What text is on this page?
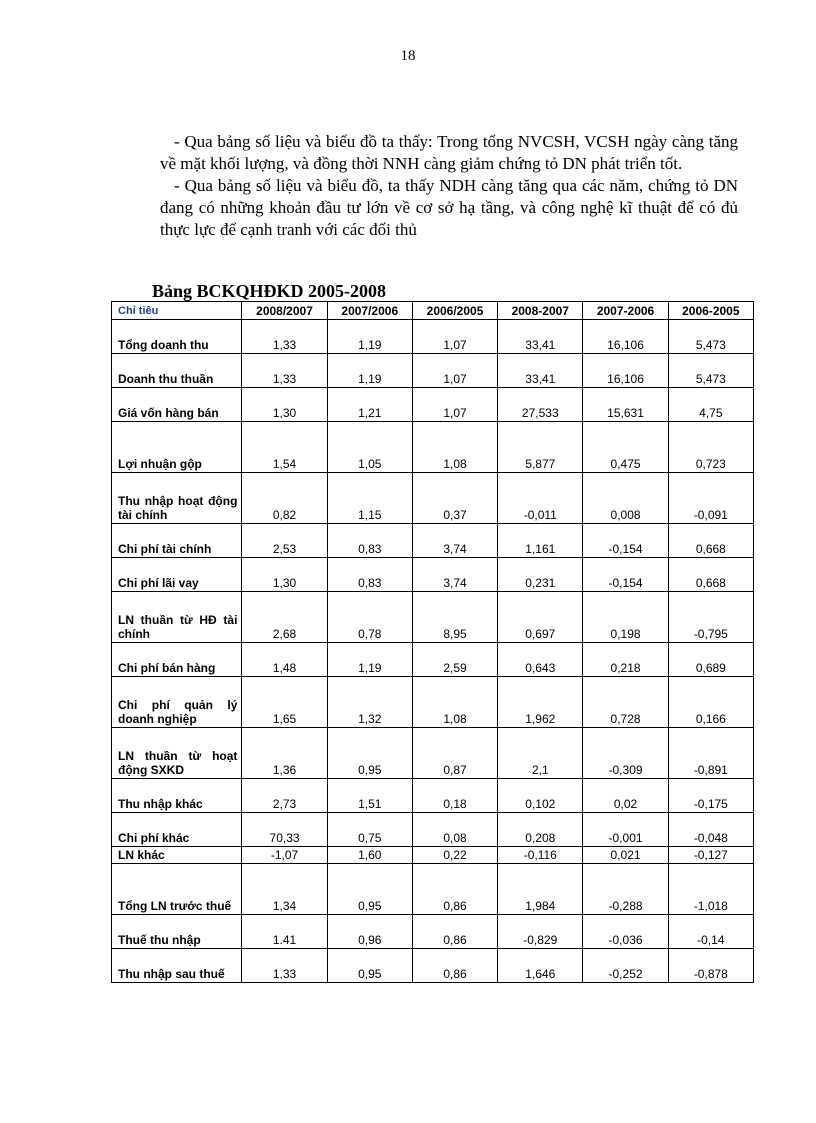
18

- Qua bảng số liệu và biểu đồ ta thấy: Trong tổng NVCSH, VCSH ngày càng tăng về mặt khối lượng, và đồng thời NNH càng giảm chứng tỏ DN phát triển tốt.

- Qua bảng số liệu và biểu đồ, ta thấy NDH càng tăng qua các năm, chứng tỏ DN đang có những khoản đầu tư lớn về cơ sở hạ tầng, và công nghệ kĩ thuật để có đủ thực lực để cạnh tranh với các đối thủ

Bảng BCKQHĐKD 2005-2008
Chỉ tiêu	2008/2007	2007/2006	2006/2005	2008-2007	2007-2006	2006-2005
Tổng doanh thu	1,33	1,19	1,07	33,41	16,106	5,473
Doanh thu thuần	1,33	1,19	1,07	33,41	16,106	5,473
Giá vốn hàng bán	1,30	1,21	1,07	27,533	15,631	4,75
Lợi nhuận gộp	1,54	1,05	1,08	5,877	0,475	0,723
Thu nhập hoạt động tài chính	0,82	1,15	0,37	-0,011	0,008	-0,091
Chi phí tài chính	2,53	0,83	3,74	1,161	-0,154	0,668
Chi phí lãi vay	1,30	0,83	3,74	0,231	-0,154	0,668
LN thuần từ HĐ tài chính	2,68	0,78	8,95	0,697	0,198	-0,795
Chi phí bán hàng	1,48	1,19	2,59	0,643	0,218	0,689
Chi phí quản lý doanh nghiệp	1,65	1,32	1,08	1,962	0,728	0,166
LN thuần từ hoạt động SXKD	1,36	0,95	0,87	2,1	-0,309	-0,891
Thu nhập khác	2,73	1,51	0,18	0,102	0,02	-0,175
Chi phí khác	70,33	0,75	0,08	0,208	-0,001	-0,048
LN khác	-1,07	1,60	0,22	-0,116	0,021	-0,127
Tổng LN trước thuế	1,34	0,95	0,86	1,984	-0,288	-1,018
Thuế thu nhập	1.41	0,96	0,86	-0,829	-0,036	-0,14
Thu nhập sau thuế	1,33	0,95	0,86	1,646	-0,252	-0,878
